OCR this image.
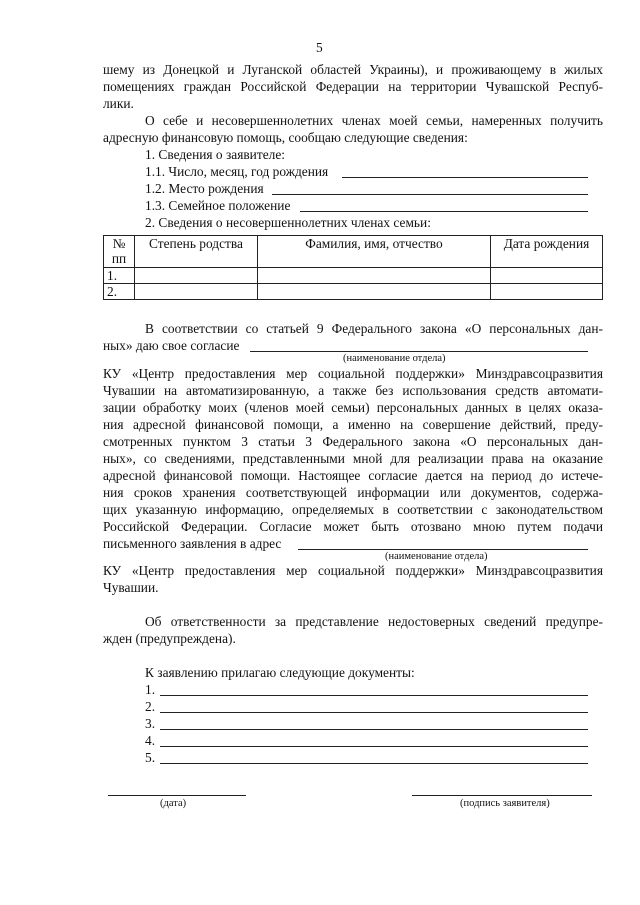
5
шему из Донецкой и Луганской областей Украины), и проживающему в жилых
помещениях граждан Российской Федерации на территории Чувашской Респуб-
лики.
О себе и несовершеннолетних членах моей семьи, намеренных получить
адресную финансовую помощь, сообщаю следующие сведения:
1. Сведения о заявителе:
1.1. Число, месяц, год рождения
1.2. Место рождения
1.3. Семейное положение
2. Сведения о несовершеннолетних членах семьи:
№
пп	Степень родства	Фамилия, имя, отчество	Дата рождения
1.			
2.			
В соответствии со статьей 9 Федерального закона «О персональных дан-
ных» даю свое согласие
(наименование отдела)
КУ «Центр предоставления мер социальной поддержки» Минздравсоцразвития
Чувашии на автоматизированную, а также без использования средств автомати-
зации обработку моих (членов моей семьи) персональных данных в целях оказа-
ния адресной финансовой помощи, а именно на совершение действий, преду-
смотренных пунктом 3 статьи 3 Федерального закона «О персональных дан-
ных», со сведениями, представленными мной для реализации права на оказание
адресной финансовой помощи. Настоящее согласие дается на период до истече-
ния сроков хранения соответствующей информации или документов, содержа-
щих указанную информацию, определяемых в соответствии с законодательством
Российской Федерации. Согласие может быть отозвано мною путем подачи
письменного заявления в адрес
(наименование отдела)
КУ «Центр предоставления мер социальной поддержки» Минздравсоцразвития
Чувашии.
Об ответственности за представление недостоверных сведений предупре-
жден (предупреждена).
К заявлению прилагаю следующие документы:
1.
2.
3.
4.
5.
(дата)	(подпись заявителя)
